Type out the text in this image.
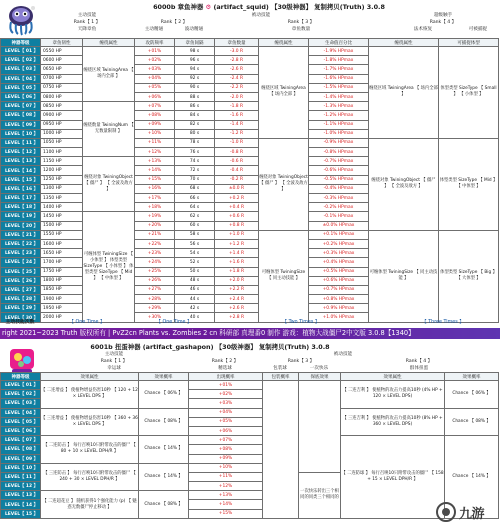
6000b 章鱼神器 ⚙ (artifact_squid) 【30级神器】 复制拷贝(Truth) 3.0.8
主动技能	被动技能	超级触手
Rank【 1 】	Rank【 2 】	Rank【 3 】	Rank【 4 】
天降章鱼	主动精通	波动精通	章鱼数量	法术恢复	可被捕捉
神器等级	章鱼韧性	缠绕属性	攻防频率	章鱼间隔	章鱼数量	缠绕属性	生命值百分比	缠绕属性	可捕捉体型
LEVEL【 01 】	0550 HP	缠绕区域 TwiningArea 【 场内全部 】	+01%	98 s	-3.0 R	缠绕区域 TwiningArea 【 场内全部 】	-1.9% HPmax	缠绕区域 TwiningArea 【 场内全部 】	体型类型 SizeType 【 Small 】 【 小体型 】
LEVEL【 02 】	0600 HP		+02%	96 s	-2.8 R		-1.8% HPmax		
LEVEL【 03 】	0650 HP		+03%	94 s	-2.6 R		-1.7% HPmax		
LEVEL【 04 】	0700 HP		+04%	92 s	-2.4 R		-1.6% HPmax		
LEVEL【 05 】	0750 HP		+05%	90 s	-2.2 R		-1.5% HPmax		
LEVEL【 06 】	0800 HP		+06%	88 s	-2.0 R		-1.4% HPmax		
LEVEL【 07 】	0850 HP	缠绕数量 TwiningNum 【 无数量限制 】	+07%	86 s	-1.8 R		-1.3% HPmax		
LEVEL【 08 】	0900 HP		+08%	84 s	-1.6 R		-1.2% HPmax		
LEVEL【 09 】	0950 HP		+09%	82 s	-1.4 R		-1.1% HPmax		
LEVEL【 10 】	1000 HP		+10%	80 s	-1.2 R		-1.0% HPmax		
LEVEL【 11 】	1050 HP		+11%	78 s	-1.0 R	缠绕对象 TwiningObject 【 僵尸 】 【 全波及敌方 】	-0.9% HPmax	缠绕对象 TwiningObject 【 僵尸 】 【 全波及敌方 】	体型类型 SizeType 【 Mid 】 【 中体型 】
LEVEL【 12 】	1100 HP		+12%	76 s	-0.8 R		-0.8% HPmax		
LEVEL【 13 】	1150 HP	缠绕对象 TwiningObject 【 僵尸 】 【 全波及敌方 】	+13%	74 s	-0.6 R		-0.7% HPmax		
LEVEL【 14 】	1200 HP		+14%	72 s	-0.4 R		-0.6% HPmax		
LEVEL【 15 】	1250 HP		+15%	70 s	-0.2 R		-0.5% HPmax		
LEVEL【 16 】	1300 HP		+16%	68 s	±0.0 R		-0.4% HPmax		
LEVEL【 17 】	1350 HP		+17%	66 s	+0.2 R		-0.3% HPmax		
LEVEL【 18 】	1400 HP		+18%	64 s	+0.4 R		-0.2% HPmax		
LEVEL【 19 】	1450 HP	可缠体型 TwiningSize 【 小体型 】 体型类型 SizeType 【 小体型 】 体型类型 SizeType 【 Mid 】 【 中体型 】	+19%	62 s	+0.6 R		-0.1% HPmax		
LEVEL【 20 】	1500 HP		+20%	60 s	+0.8 R		±0.0% HPmax		
LEVEL【 21 】	1550 HP		+21%	58 s	+1.0 R	可缠体型 TwiningSize 【 同主动技能 】	+0.1% HPmax	可缠体型 TwiningSize 【 同主动技能 】	体型类型 SizeType 【 Big 】 【 大体型 】
LEVEL【 22 】	1600 HP		+22%	56 s	+1.2 R		+0.2% HPmax		
LEVEL【 23 】	1650 HP		+23%	54 s	+1.4 R		+0.3% HPmax		
LEVEL【 24 】	1700 HP		+24%	52 s	+1.6 R		+0.4% HPmax		
LEVEL【 25 】	1750 HP		+25%	50 s	+1.8 R		+0.5% HPmax		
LEVEL【 26 】	1800 HP		+26%	48 s	+2.0 R		+0.6% HPmax		
LEVEL【 27 】	1850 HP		+27%	46 s	+2.2 R		+0.7% HPmax		
LEVEL【 28 】	1900 HP		+28%	44 s	+2.4 R		+0.8% HPmax		
LEVEL【 29 】	1950 HP		+29%	42 s	+2.6 R		+0.9% HPmax		
LEVEL【 30 】	2000 HP		+30%	40 s	+2.8 R		+1.0% HPmax		
主动技能次数	【 One Time 】	【 One Time 】	【 Two Times 】	【 Three Times 】
right 2021~2023 Truth 版权所有 | PvZ2cn Plants vs. Zombies 2 cn 科研部 真理番0 制作 游戏：植物大战僵尸2中文版 3.0.8【1340】
6001b 扭蛋神器 (artifact_gashapon) 【30级神器】 复制拷贝(Truth) 3.0.8
主动技能	被动技能
Rank【 1 】	Rank【 2 】	Rank【 3 】	Rank【 4 】
幸运球	精选球	包装球	一次快乐	群体扭蛋
神器等级	效果属性	效果概率	出现概率	包装概率	保底效果	效果属性	效果概率
LEVEL【 01 】	【 二连增益 】 使植物增益伤害10秒 【 120 + 12 × LEVEL DPS 】	Chance 【 06% 】	+01%			【 二连吉利 】 使植物的攻击力提高10秒 (4% HP + 120 × LEVEL DPS)	Chance 【 06% 】
LEVEL【 02 】			+02%				
LEVEL【 03 】			+03%				
LEVEL【 04 】	【 三连增益 】 使植物增益伤害10秒 【 360 + 36 × LEVEL DPS 】	Chance 【 08% 】	+04%			【 三连吉利 】 使植物的攻击力提高10秒 (8% HP + 360 × LEVEL DPS)	Chance 【 08% 】
LEVEL【 05 】			+05%				
LEVEL【 06 】			+06%				
LEVEL【 07 】	【 二连防击 】 每行召唤10只附带攻击的僵尸 【 80 + 10 × LEVEL DPH/R 】	Chance 【 14% 】	+07%			【 二连防球 】 每行召唤10只附带攻击的僵尸 【 158 + 15 × LEVEL DPH/R 】	Chance 【 14% 】
LEVEL【 08 】			+08%				
LEVEL【 09 】			+09%				
LEVEL【 10 】	【 三连防击 】 每行召唤10只附带攻击的僵尸 【 240 + 30 × LEVEL DPH/R 】	Chance 【 14% 】	+10%				
LEVEL【 11 】			+11%		一次快乐转出三个相同的同类三个相同的		
LEVEL【 12 】			+12%				
LEVEL【 13 】	【 二连超花豆 】 随机获得1个强化能力 (p) 【 魅惑无数僵尸停止移动 】	Chance 【 08% 】	+13%				
LEVEL【 14 】			+14%				
LEVEL【 15 】			+15%					九游
